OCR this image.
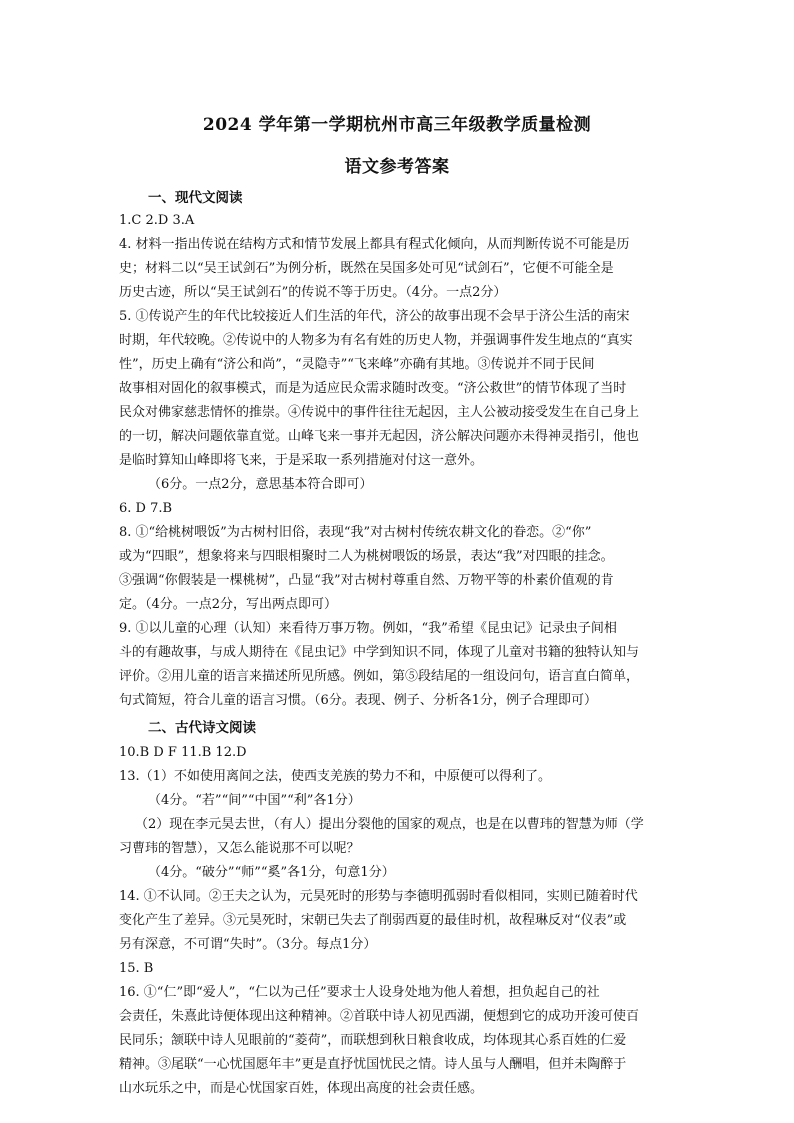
2024 学年第一学期杭州市高三年级教学质量检测
语文参考答案
一、现代文阅读
1.C 2.D 3.A
4. 材料一指出传说在结构方式和情节发展上都具有程式化倾向，从而判断传说不可能是历
史；材料二以“吴王试剑石”为例分析，既然在吴国多处可见“试剑石”，它便不可能全是
历史古迹，所以“吴王试剑石”的传说不等于历史。（4分。一点2分）
5. ①传说产生的年代比较接近人们生活的年代，济公的故事出现不会早于济公生活的南宋
时期，年代较晚。②传说中的人物多为有名有姓的历史人物，并强调事件发生地点的“真实
性”，历史上确有“济公和尚”，“灵隐寺”“飞来峰”亦确有其地。③传说并不同于民间
故事相对固化的叙事模式，而是为适应民众需求随时改变。“济公救世”的情节体现了当时
民众对佛家慈悲情怀的推崇。④传说中的事件往往无起因，主人公被动接受发生在自己身上
的一切，解决问题依靠直觉。山峰飞来一事并无起因，济公解决问题亦未得神灵指引，他也
是临时算知山峰即将飞来，于是采取一系列措施对付这一意外。
（6分。一点2分，意思基本符合即可）
6. D 7.B
8. ①“给桃树喂饭”为古树村旧俗，表现“我”对古树村传统农耕文化的眷恋。②“你”
或为“四眼”，想象将来与四眼相聚时二人为桃树喂饭的场景，表达“我”对四眼的挂念。
③强调“你假装是一棵桃树”，凸显“我”对古树村尊重自然、万物平等的朴素价值观的肯
定。（4分。一点2分，写出两点即可）
9. ①以儿童的心理（认知）来看待万事万物。例如，“我”希望《昆虫记》记录虫子间相
斗的有趣故事，与成人期待在《昆虫记》中学到知识不同，体现了儿童对书籍的独特认知与
评价。②用儿童的语言来描述所见所感。例如，第⑤段结尾的一组设问句，语言直白简单，
句式简短，符合儿童的语言习惯。（6分。表现、例子、分析各1分，例子合理即可）
二、古代诗文阅读
10.B D F 11.B 12.D
13.（1）不如使用离间之法，使西支羌族的势力不和，中原便可以得利了。
（4分。“若”“间”“中国”“利”各1分）
（2）现在李元昊去世，（有人）提出分裂他的国家的观点，也是在以曹玮的智慧为师（学
习曹玮的智慧），又怎么能说那不可以呢？
（4分。“破分”“师”“奚”各1分，句意1分）
14. ①不认同。②王夫之认为，元昊死时的形势与李德明孤弱时看似相同，实则已随着时代
变化产生了差异。③元昊死时，宋朝已失去了削弱西夏的最佳时机，故程琳反对“仪表”或
另有深意，不可谓“失时”。（3分。每点1分）
15. B
16. ①“仁”即“爱人”，“仁以为己任”要求士人设身处地为他人着想，担负起自己的社
会责任，朱熹此诗便体现出这种精神。②首联中诗人初见西湖，便想到它的成功开浚可使百
民同乐；颔联中诗人见眼前的“菱荷”，而联想到秋日粮食收成，均体现其心系百姓的仁爱
精神。③尾联“一心忧国愿年丰”更是直抒忧国忧民之情。诗人虽与人酬唱，但并未陶醉于
山水玩乐之中，而是心忧国家百姓，体现出高度的社会责任感。
